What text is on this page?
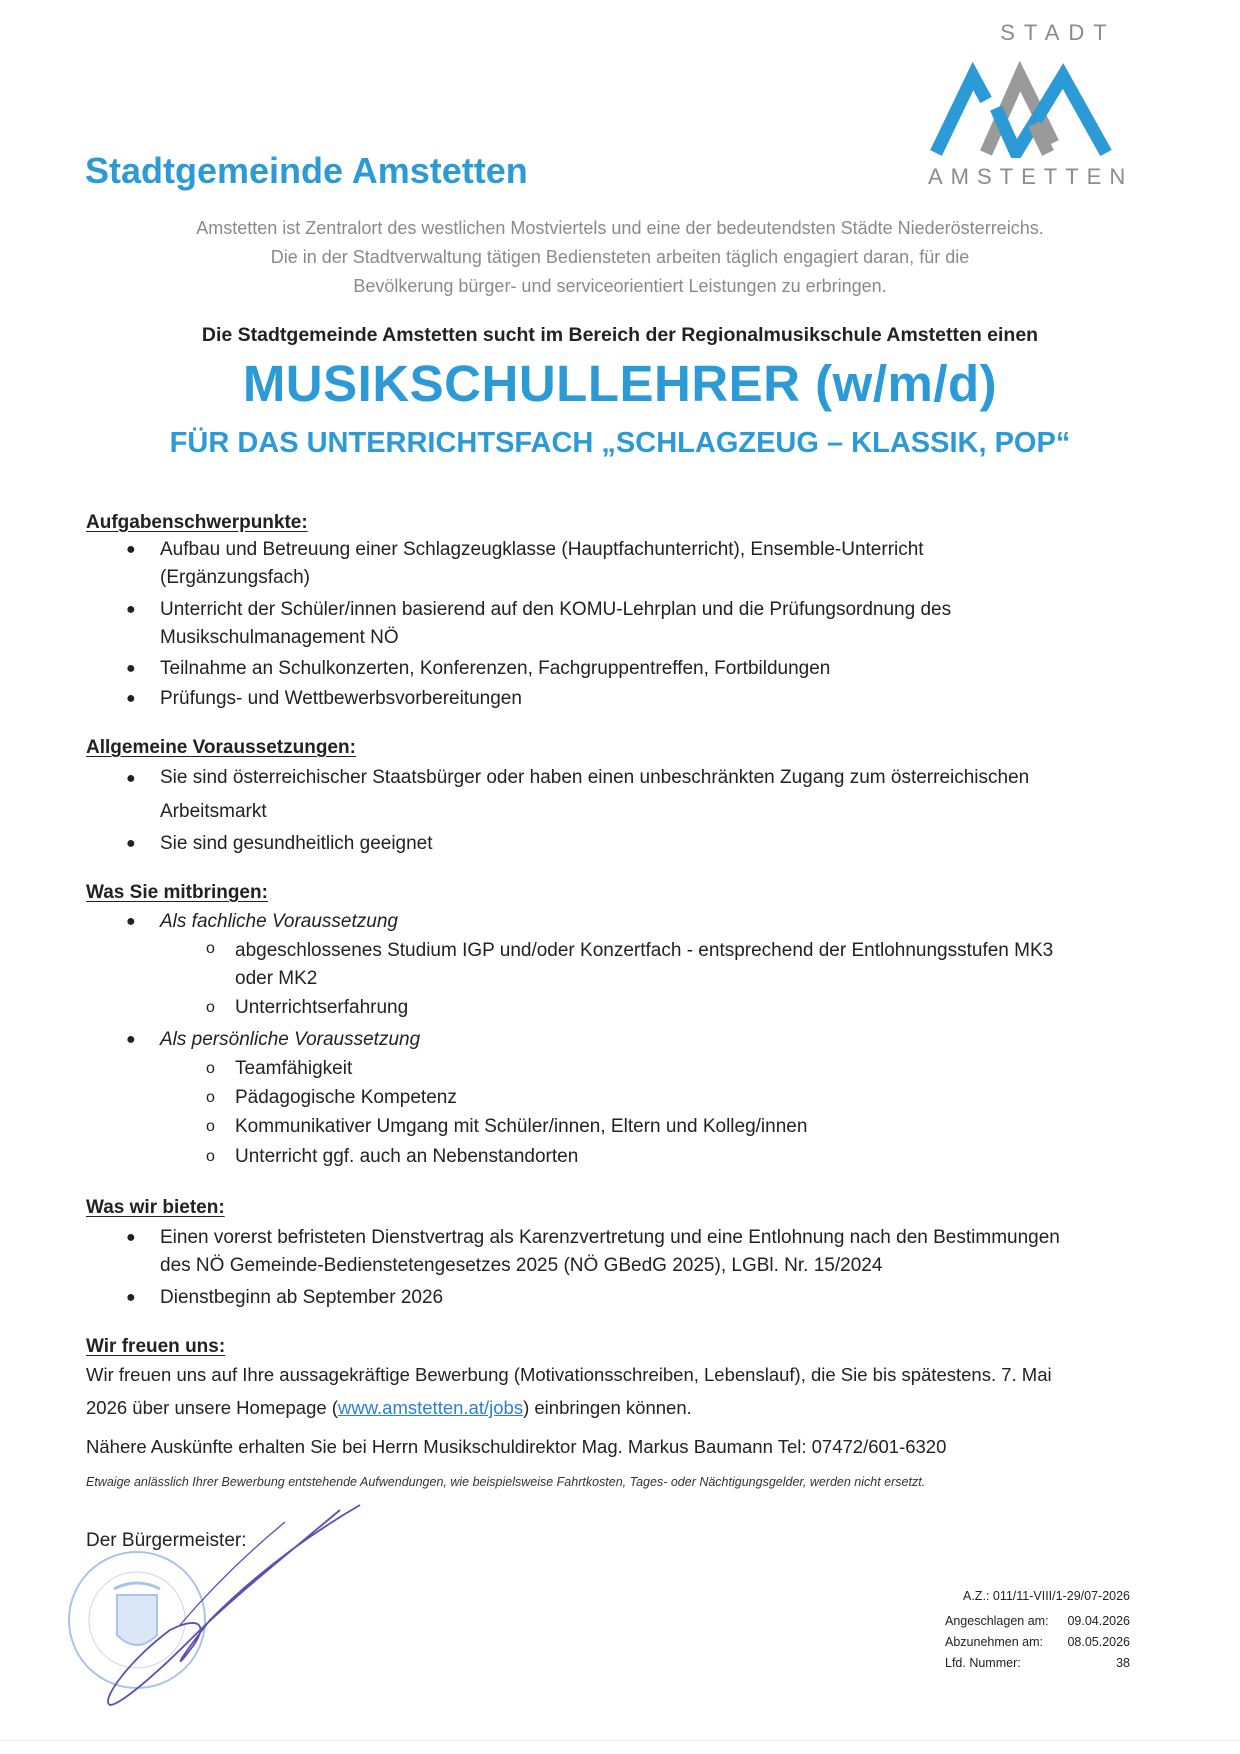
STADT
AMSTETTEN
Stadtgemeinde Amstetten
Amstetten ist Zentralort des westlichen Mostviertels und eine der bedeutendsten Städte Niederösterreichs.
Die in der Stadtverwaltung tätigen Bediensteten arbeiten täglich engagiert daran, für die
Bevölkerung bürger- und serviceorientiert Leistungen zu erbringen.
Die Stadtgemeinde Amstetten sucht im Bereich der Regionalmusikschule Amstetten einen
MUSIKSCHULLEHRER (w/m/d)
FÜR DAS UNTERRICHTSFACH „SCHLAGZEUG – KLASSIK, POP“
Aufgabenschwerpunkte:
● Aufbau und Betreuung einer Schlagzeugklasse (Hauptfachunterricht), Ensemble-Unterricht
(Ergänzungsfach)
● Unterricht der Schüler/innen basierend auf den KOMU-Lehrplan und die Prüfungsordnung des
Musikschulmanagement NÖ
● Teilnahme an Schulkonzerten, Konferenzen, Fachgruppentreffen, Fortbildungen
● Prüfungs- und Wettbewerbsvorbereitungen
Allgemeine Voraussetzungen:
● Sie sind österreichischer Staatsbürger oder haben einen unbeschränkten Zugang zum österreichischen
Arbeitsmarkt
● Sie sind gesundheitlich geeignet
Was Sie mitbringen:
● Als fachliche Voraussetzung
o abgeschlossenes Studium IGP und/oder Konzertfach - entsprechend der Entlohnungsstufen MK3
oder MK2
o Unterrichtserfahrung
● Als persönliche Voraussetzung
o Teamfähigkeit
o Pädagogische Kompetenz
o Kommunikativer Umgang mit Schüler/innen, Eltern und Kolleg/innen
o Unterricht ggf. auch an Nebenstandorten
Was wir bieten:
● Einen vorerst befristeten Dienstvertrag als Karenzvertretung und eine Entlohnung nach den Bestimmungen
des NÖ Gemeinde-Bedienstetengesetzes 2025 (NÖ GBedG 2025), LGBl. Nr. 15/2024
● Dienstbeginn ab September 2026
Wir freuen uns:
Wir freuen uns auf Ihre aussagekräftige Bewerbung (Motivationsschreiben, Lebenslauf), die Sie bis spätestens. 7. Mai
2026 über unsere Homepage (www.amstetten.at/jobs) einbringen können.
Nähere Auskünfte erhalten Sie bei Herrn Musikschuldirektor Mag. Markus Baumann Tel: 07472/601-6320
Etwaige anlässlich Ihrer Bewerbung entstehende Aufwendungen, wie beispielsweise Fahrtkosten, Tages- oder Nächtigungsgelder, werden nicht ersetzt.
Der Bürgermeister:
A.Z.: 011/11-VIII/1-29/07-2026
Angeschlagen am:	09.04.2026
Abzunehmen am:	08.05.2026
Lfd. Nummer:	38
